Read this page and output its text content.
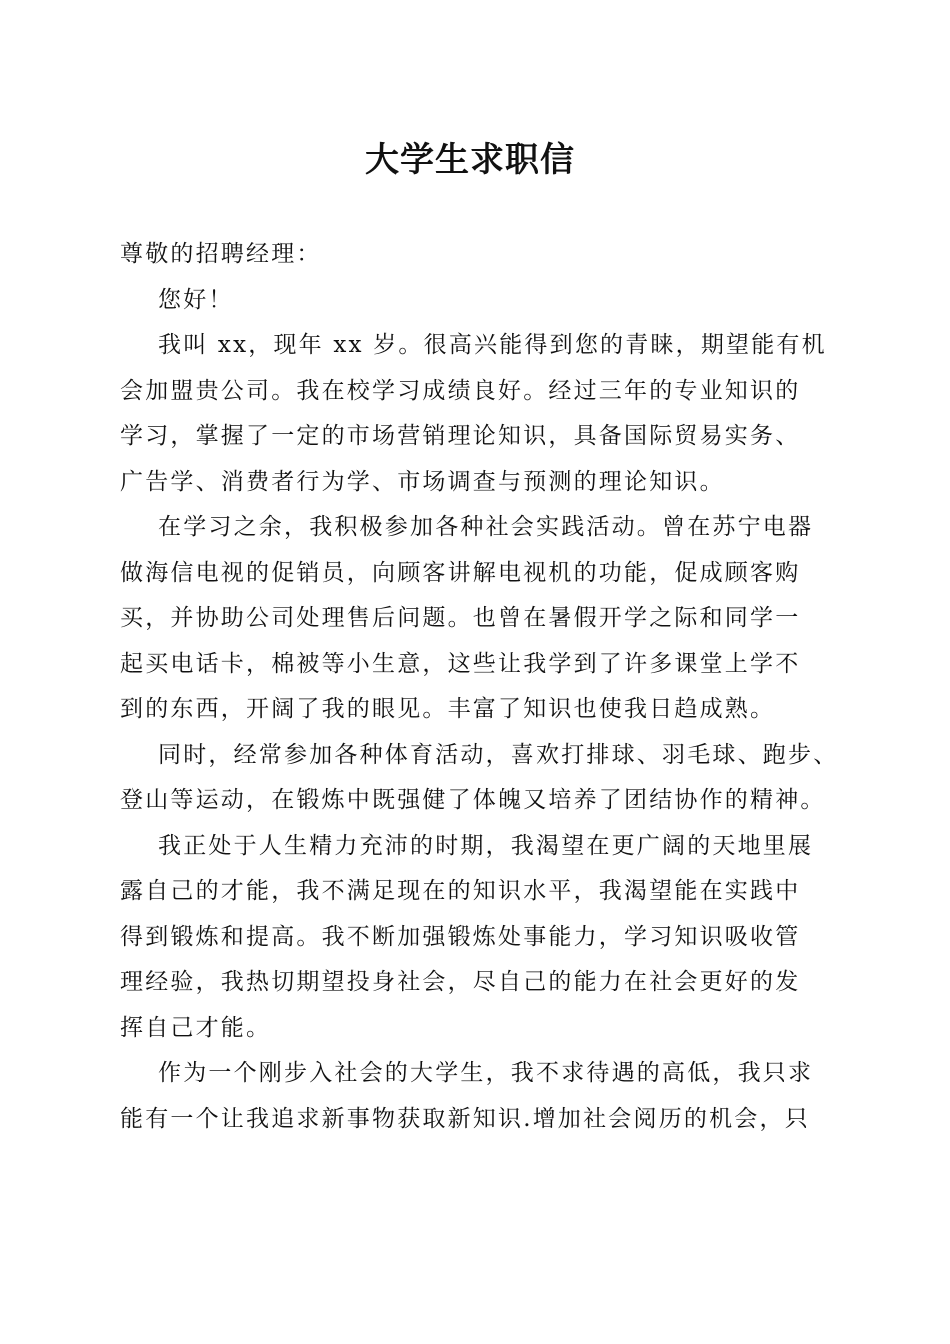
大学生求职信
尊敬的招聘经理：
您好！
我叫 xx，现年 xx 岁。很高兴能得到您的青睐，期望能有机
会加盟贵公司。我在校学习成绩良好。经过三年的专业知识的
学习，掌握了一定的市场营销理论知识，具备国际贸易实务、
广告学、消费者行为学、市场调查与预测的理论知识。
在学习之余，我积极参加各种社会实践活动。曾在苏宁电器
做海信电视的促销员，向顾客讲解电视机的功能，促成顾客购
买，并协助公司处理售后问题。也曾在暑假开学之际和同学一
起买电话卡，棉被等小生意，这些让我学到了许多课堂上学不
到的东西，开阔了我的眼见。丰富了知识也使我日趋成熟。
同时，经常参加各种体育活动，喜欢打排球、羽毛球、跑步、
登山等运动，在锻炼中既强健了体魄又培养了团结协作的精神。
我正处于人生精力充沛的时期，我渴望在更广阔的天地里展
露自己的才能，我不满足现在的知识水平，我渴望能在实践中
得到锻炼和提高。我不断加强锻炼处事能力，学习知识吸收管
理经验，我热切期望投身社会，尽自己的能力在社会更好的发
挥自己才能。
作为一个刚步入社会的大学生，我不求待遇的高低，我只求
能有一个让我追求新事物获取新知识.增加社会阅历的机会，只
